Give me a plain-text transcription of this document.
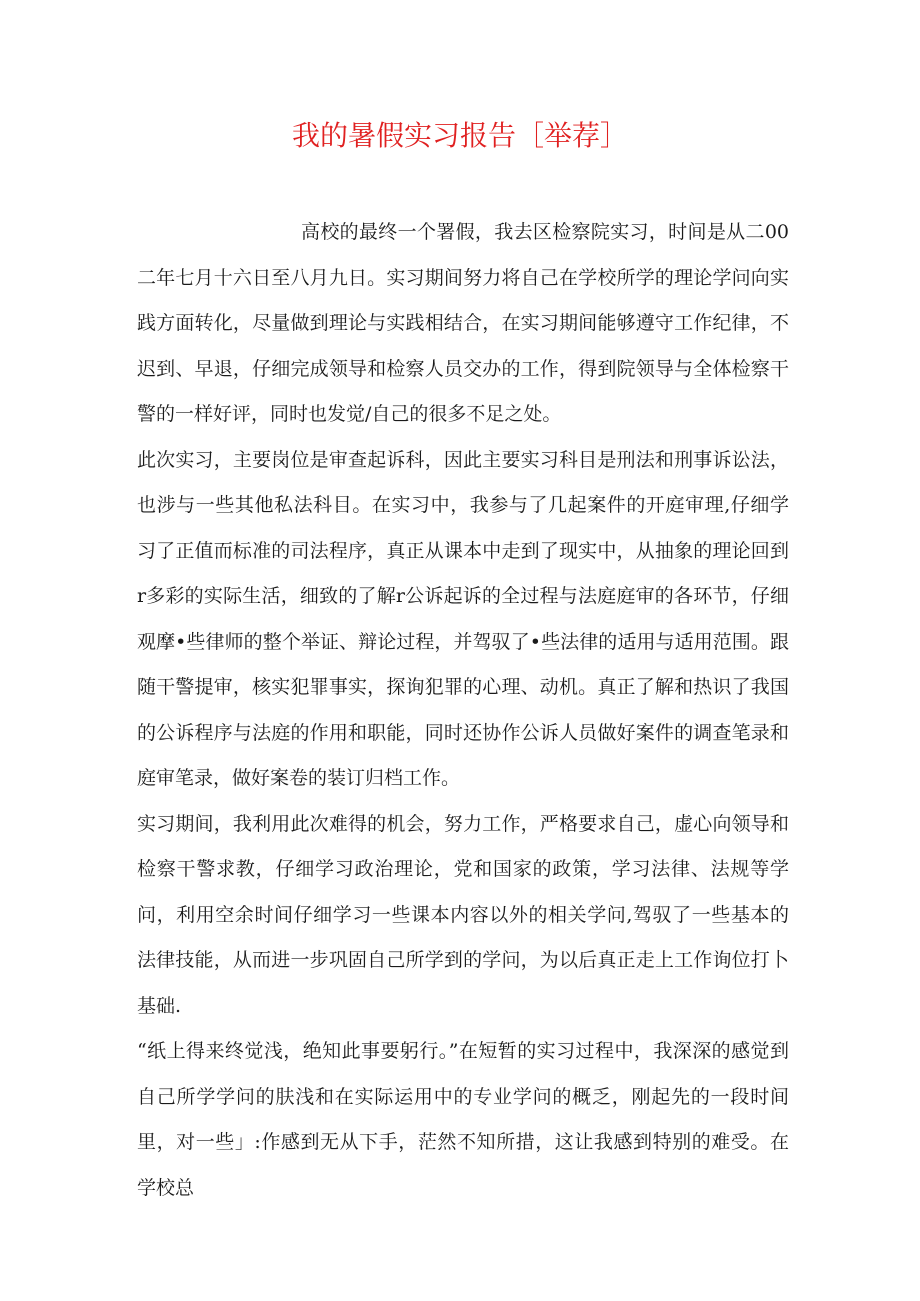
我的暑假实习报告［举荐］

高校的最终一个署假，我去区检察院实习，时间是从二00二年七月十六日至八月九日。实习期间努力将自己在学校所学的理论学问向实践方面转化，尽量做到理论与实践相结合，在实习期间能够遵守工作纪律，不迟到、早退，仔细完成领导和检察人员交办的工作，得到院领导与全体检察干警的一样好评，同时也发觉/自己的很多不足之处。

此次实习，主要岗位是审查起诉科，因此主要实习科目是刑法和刑事诉讼法，也涉与一些其他私法科目。在实习中，我参与了几起案件的开庭审理,仔细学习了正值而标准的司法程序，真正从课本中走到了现实中，从抽象的理论回到r多彩的实际生活，细致的了解r公诉起诉的全过程与法庭庭审的各环节，仔细观摩•些律师的整个举证、辩论过程，并驾驭了•些法律的适用与适用范围。跟随干警提审，核实犯罪事实，探询犯罪的心理、动机。真正了解和热识了我国的公诉程序与法庭的作用和职能，同时还协作公诉人员做好案件的调查笔录和庭审笔录，做好案卷的装订归档工作。

实习期间，我利用此次难得的机会，努力工作，严格要求自己，虚心向领导和检察干警求教，仔细学习政治理论，党和国家的政策，学习法律、法规等学问，利用空余时间仔细学习一些课本内容以外的相关学问,驾驭了一些基本的法律技能，从而进一步巩固自己所学到的学问，为以后真正走上工作询位打卜基础.

“纸上得来终觉浅，绝知此事要躬行。”在短暂的实习过程中，我深深的感觉到自己所学学问的肤浅和在实际运用中的专业学问的概乏，刚起先的一段时间里，对一些」:作感到无从下手，茫然不知所措，这让我感到特别的难受。在学校总
